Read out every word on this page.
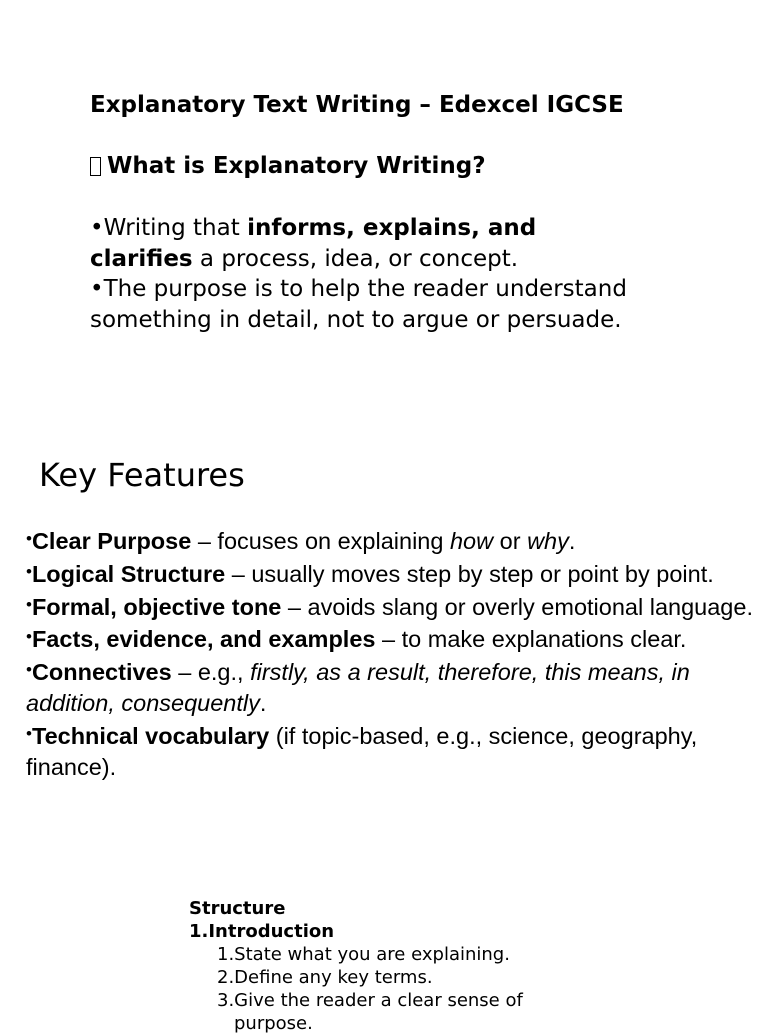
Explanatory Text Writing – Edexcel IGCSE

What is Explanatory Writing?

•Writing that informs, explains, and clarifies a process, idea, or concept.

•The purpose is to help the reader understand something in detail, not to argue or persuade.

Key Features

•Clear Purpose – focuses on explaining how or why.

•Logical Structure – usually moves step by step or point by point.

•Formal, objective tone – avoids slang or overly emotional language.

•Facts, evidence, and examples – to make explanations clear.

•Connectives – e.g., firstly, as a result, therefore, this means, in addition, consequently.

•Technical vocabulary (if topic-based, e.g., science, geography, finance).

Structure

1.Introduction

1.State what you are explaining.

2.Define any key terms.

3.Give the reader a clear sense of purpose.
